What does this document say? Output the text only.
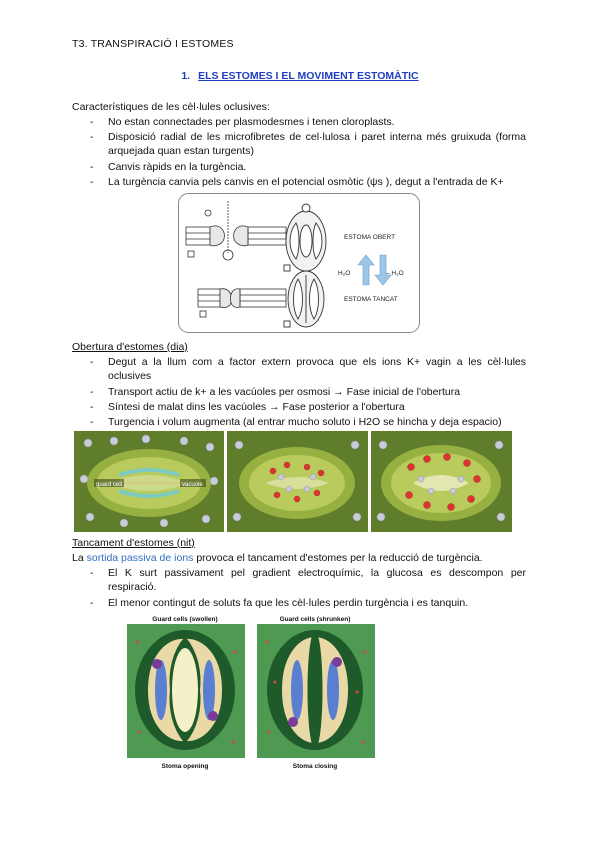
T3. TRANSPIRACIÓ I ESTOMES
1. ELS ESTOMES I EL MOVIMENT ESTOMÀTIC
Característiques de les cèl·lules oclusives:
- No estan connectades per plasmodesmes i tenen cloroplasts.
- Disposició radial de les microfibretes de cel·lulosa i paret interna més gruixuda (forma arquejada quan estan turgents)
- Canvis ràpids en la turgència.
- La turgència canvia pels canvis en el potencial osmòtic (ψs ), degut a l'entrada de K+
ESTOMA OBERT
ESTOMA TANCAT
H₂O	– H₂O
Obertura d'estomes (dia)
- Degut a la llum com a factor extern provoca que els ions K+ vagin a les cèl·lules oclusives
- Transport actiu de k+ a les vacúoles per osmosi → Fase inicial de l'obertura
- Síntesi de malat dins les vacúoles → Fase posterior a l'obertura
- Turgencia i volum augmenta (al entrar mucho soluto i H2O se hincha y deja espacio)
guard cell	vacuole
Tancament d'estomes (nit)
La sortida passiva de ions provoca el tancament d'estomes per la reducció de turgència.
- El K surt passivament pel gradient electroquímic, la glucosa es descompon per respiració.
- El menor contingut de soluts fa que les cèl·lules perdin turgència i es tanquin.
Guard cells (swollen)	Guard cells (shrunken)
Stoma opening	Stoma closing
